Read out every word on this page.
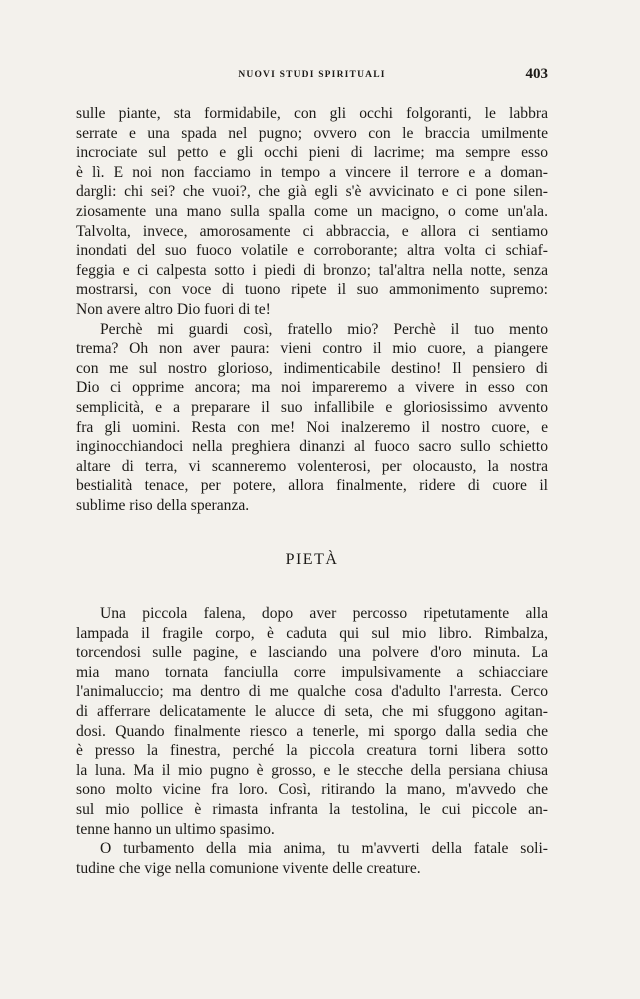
NUOVI STUDI SPIRITUALI	403
sulle piante, sta formidabile, con gli occhi folgoranti, le labbra
serrate e una spada nel pugno; ovvero con le braccia umilmente
incrociate sul petto e gli occhi pieni di lacrime; ma sempre esso
è lì. E noi non facciamo in tempo a vincere il terrore e a doman-
dargli: chi sei? che vuoi?, che già egli s'è avvicinato e ci pone silen-
ziosamente una mano sulla spalla come un macigno, o come un'ala.
Talvolta, invece, amorosamente ci abbraccia, e allora ci sentiamo
inondati del suo fuoco volatile e corroborante; altra volta ci schiaf-
feggia e ci calpesta sotto i piedi di bronzo; tal'altra nella notte, senza
mostrarsi, con voce di tuono ripete il suo ammonimento supremo:
Non avere altro Dio fuori di te!
Perchè mi guardi così, fratello mio? Perchè il tuo mento
trema? Oh non aver paura: vieni contro il mio cuore, a piangere
con me sul nostro glorioso, indimenticabile destino! Il pensiero di
Dio ci opprime ancora; ma noi impareremo a vivere in esso con
semplicità, e a preparare il suo infallibile e gloriosissimo avvento
fra gli uomini. Resta con me! Noi inalzeremo il nostro cuore, e
inginocchiandoci nella preghiera dinanzi al fuoco sacro sullo schietto
altare di terra, vi scanneremo volenterosi, per olocausto, la nostra
bestialità tenace, per potere, allora finalmente, ridere di cuore il
sublime riso della speranza.
PIETÀ
Una piccola falena, dopo aver percosso ripetutamente alla
lampada il fragile corpo, è caduta qui sul mio libro. Rimbalza,
torcendosi sulle pagine, e lasciando una polvere d'oro minuta. La
mia mano tornata fanciulla corre impulsivamente a schiacciare
l'animaluccio; ma dentro di me qualche cosa d'adulto l'arresta. Cerco
di afferrare delicatamente le alucce di seta, che mi sfuggono agitan-
dosi. Quando finalmente riesco a tenerle, mi sporgo dalla sedia che
è presso la finestra, perché la piccola creatura torni libera sotto
la luna. Ma il mio pugno è grosso, e le stecche della persiana chiusa
sono molto vicine fra loro. Così, ritirando la mano, m'avvedo che
sul mio pollice è rimasta infranta la testolina, le cui piccole an-
tenne hanno un ultimo spasimo.
O turbamento della mia anima, tu m'avverti della fatale soli-
tudine che vige nella comunione vivente delle creature.
